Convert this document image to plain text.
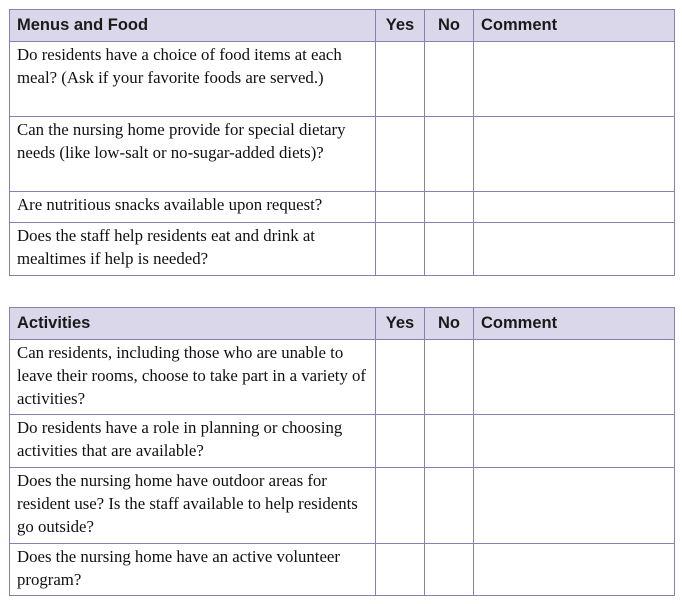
Menus and Food	Yes	No	Comment
Do residents have a choice of food items at each meal? (Ask if your favorite foods are served.)			
Can the nursing home provide for special dietary needs (like low-salt or no-sugar-added diets)?			
Are nutritious snacks available upon request?			
Does the staff help residents eat and drink at mealtimes if help is needed?			
Activities	Yes	No	Comment
Can residents, including those who are unable to leave their rooms, choose to take part in a variety of activities?			
Do residents have a role in planning or choosing activities that are available?			
Does the nursing home have outdoor areas for resident use? Is the staff available to help residents go outside?			
Does the nursing home have an active volunteer program?			
